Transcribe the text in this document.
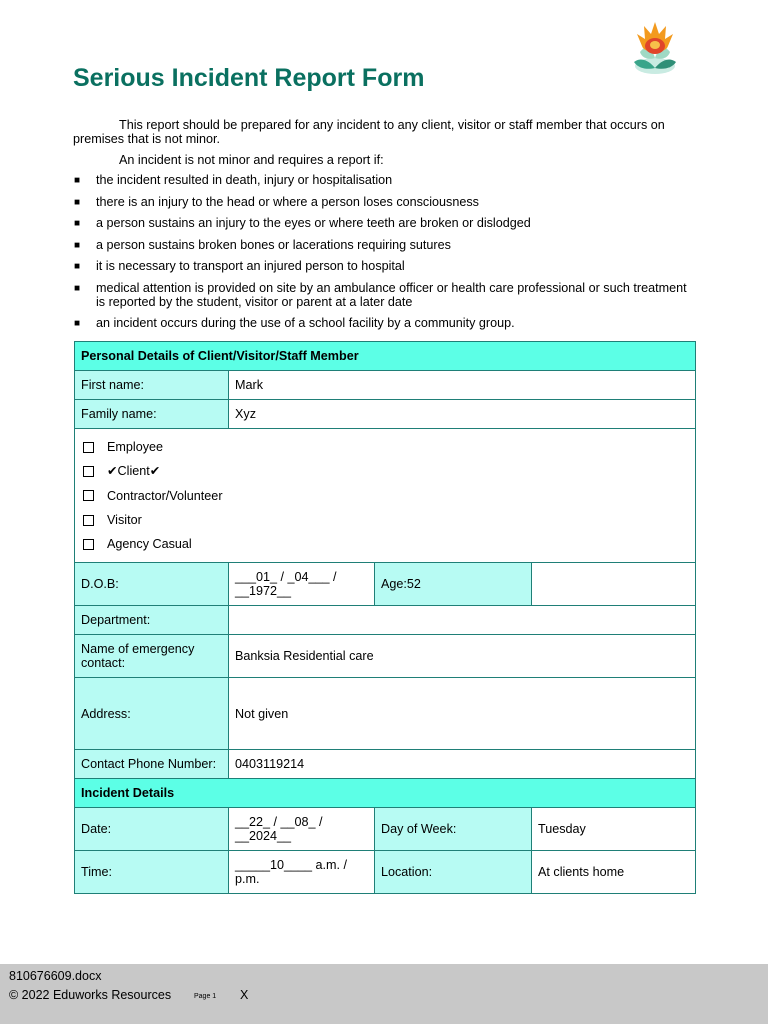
Serious Incident Report Form

This report should be prepared for any incident to any client, visitor or staff member that occurs on premises that is not minor.

An incident is not minor and requires a report if:

■ the incident resulted in death, injury or hospitalisation
■ there is an injury to the head or where a person loses consciousness
■ a person sustains an injury to the eyes or where teeth are broken or dislodged
■ a person sustains broken bones or lacerations requiring sutures
■ it is necessary to transport an injured person to hospital
■ medical attention is provided on site by an ambulance officer or health care professional or such treatment is reported by the student, visitor or parent at a later date
■ an incident occurs during the use of a school facility by a community group.
Personal Details of Client/Visitor/Staff Member			
First name:	Mark		
Family name:	Xyz		

Employee
✔Client✔
Contractor/Volunteer
Visitor
Agency Casual			

D.O.B:	___01_ / _04___ / __1972__	Age:52	
Department:			
Name of emergency contact:	Banksia Residential care		
Address:	Not given		
Contact Phone Number:	0403119214		
Incident Details			
Date:	__22_ / __08_ / __2024__	Day of Week:	Tuesday
Time:	_____10____ a.m. / p.m.	Location:	At clients home
810676609.docx
© 2022 Eduworks Resources	Page 1 X
